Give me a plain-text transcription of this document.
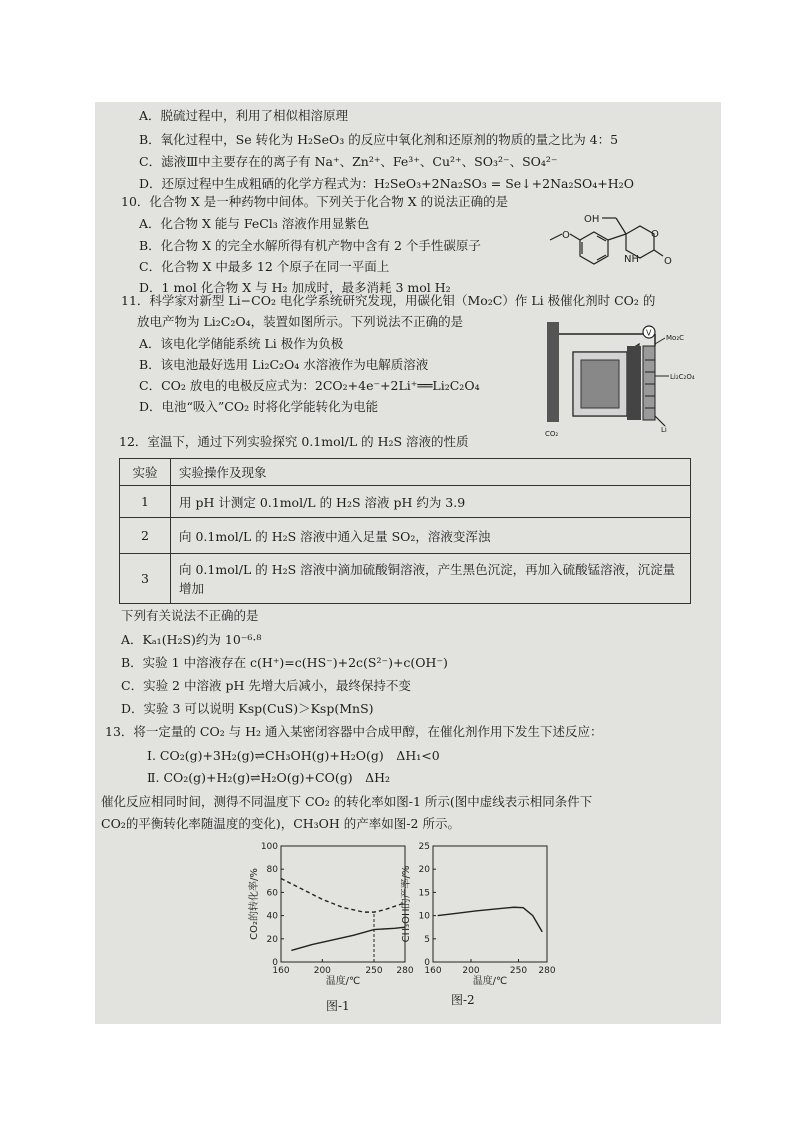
A．脱硫过程中，利用了相似相溶原理
B．氧化过程中，Se 转化为 H₂SeO₃ 的反应中氧化剂和还原剂的物质的量之比为 4：5
C．滤液Ⅲ中主要存在的离子有 Na⁺、Zn²⁺、Fe³⁺、Cu²⁺、SO₃²⁻、SO₄²⁻
D．还原过程中生成粗硒的化学方程式为：H₂SeO₃+2Na₂SO₃ = Se↓+2Na₂SO₄+H₂O
10．化合物 X 是一种药物中间体。下列关于化合物 X 的说法正确的是
A．化合物 X 能与 FeCl₃ 溶液作用显紫色
B．化合物 X 的完全水解所得有机产物中含有 2 个手性碳原子
C．化合物 X 中最多 12 个原子在同一平面上
D．1 mol 化合物 X 与 H₂ 加成时，最多消耗 3 mol H₂
O
OH
O
NH	O
11．科学家对新型 Li−CO₂ 电化学系统研究发现，用碳化钼（Mo₂C）作 Li 极催化剂时 CO₂ 的
放电产物为 Li₂C₂O₄，装置如图所示。下列说法不正确的是
A．该电化学储能系统 Li 极作为负极
B．该电池最好选用 Li₂C₂O₄ 水溶液作为电解质溶液
C．CO₂ 放电的电极反应式为：2CO₂+4e⁻+2Li⁺══Li₂C₂O₄
D．电池“吸入”CO₂ 时将化学能转化为电能
V
Mo₂C
Li₂C₂O₄
Li
CO₂
12．室温下，通过下列实验探究 0.1mol/L 的 H₂S 溶液的性质
实验	实验操作及现象
1	用 pH 计测定 0.1mol/L 的 H₂S 溶液 pH 约为 3.9
2	向 0.1mol/L 的 H₂S 溶液中通入足量 SO₂，溶液变浑浊
3	向 0.1mol/L 的 H₂S 溶液中滴加硫酸铜溶液，产生黑色沉淀，再加入硫酸锰溶液，沉淀量增加
下列有关说法不正确的是
A．Kₐ₁(H₂S)约为 10⁻⁶·⁸
B．实验 1 中溶液存在 c(H⁺)=c(HS⁻)+2c(S²⁻)+c(OH⁻)
C．实验 2 中溶液 pH 先增大后减小，最终保持不变
D．实验 3 可以说明 Ksp(CuS)＞Ksp(MnS)
13．将一定量的 CO₂ 与 H₂ 通入某密闭容器中合成甲醇，在催化剂作用下发生下述反应：
Ⅰ. CO₂(g)+3H₂(g)⇌CH₃OH(g)+H₂O(g)　ΔH₁<0
Ⅱ. CO₂(g)+H₂(g)⇌H₂O(g)+CO(g)　ΔH₂
催化反应相同时间，测得不同温度下 CO₂ 的转化率如图-1 所示(图中虚线表示相同条件下
CO₂的平衡转化率随温度的变化)，CH₃OH 的产率如图-2 所示。
160	200	250 280
0
20
40
60
80
100
温度/℃
CO₂的转化率/%
160 200	250 280
0
5
10
15
20
25
温度/℃
CH₃OH的产率/%
图-1	图-2
